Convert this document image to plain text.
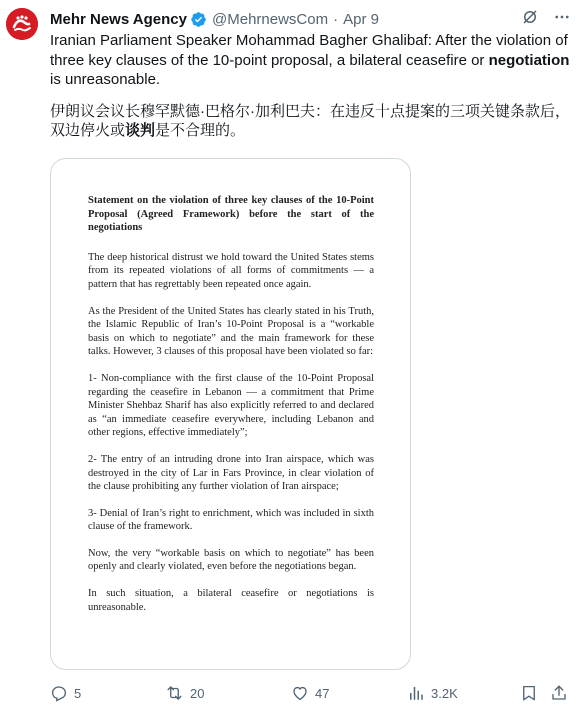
Mehr News Agency @MehrnewsCom · Apr 9

Iranian Parliament Speaker Mohammad Bagher Ghalibaf: After the violation of three key clauses of the 10-point proposal, a bilateral ceasefire or negotiation is unreasonable.

伊朗议会议长穆罕默德·巴格尔·加利巴夫：在违反十点提案的三项关键条款后，双边停火或谈判是不合理的。

Statement on the violation of three key clauses of the 10-Point Proposal (Agreed Framework) before the start of the negotiations

The deep historical distrust we hold toward the United States stems from its repeated violations of all forms of commitments — a pattern that has regrettably been repeated once again.

As the President of the United States has clearly stated in his Truth, the Islamic Republic of Iran’s 10-Point Proposal is a “workable basis on which to negotiate” and the main framework for these talks. However, 3 clauses of this proposal have been violated so far:

1- Non-compliance with the first clause of the 10-Point Proposal regarding the ceasefire in Lebanon — a commitment that Prime Minister Shehbaz Sharif has also explicitly referred to and declared as “an immediate ceasefire everywhere, including Lebanon and other regions, effective immediately”;

2- The entry of an intruding drone into Iran airspace, which was destroyed in the city of Lar in Fars Province, in clear violation of the clause prohibiting any further violation of Iran airspace;

3- Denial of Iran’s right to enrichment, which was included in sixth clause of the framework.

Now, the very “workable basis on which to negotiate” has been openly and clearly violated, even before the negotiations began.

In such situation, a bilateral ceasefire or negotiations is unreasonable.

5	20	47	3.2K
